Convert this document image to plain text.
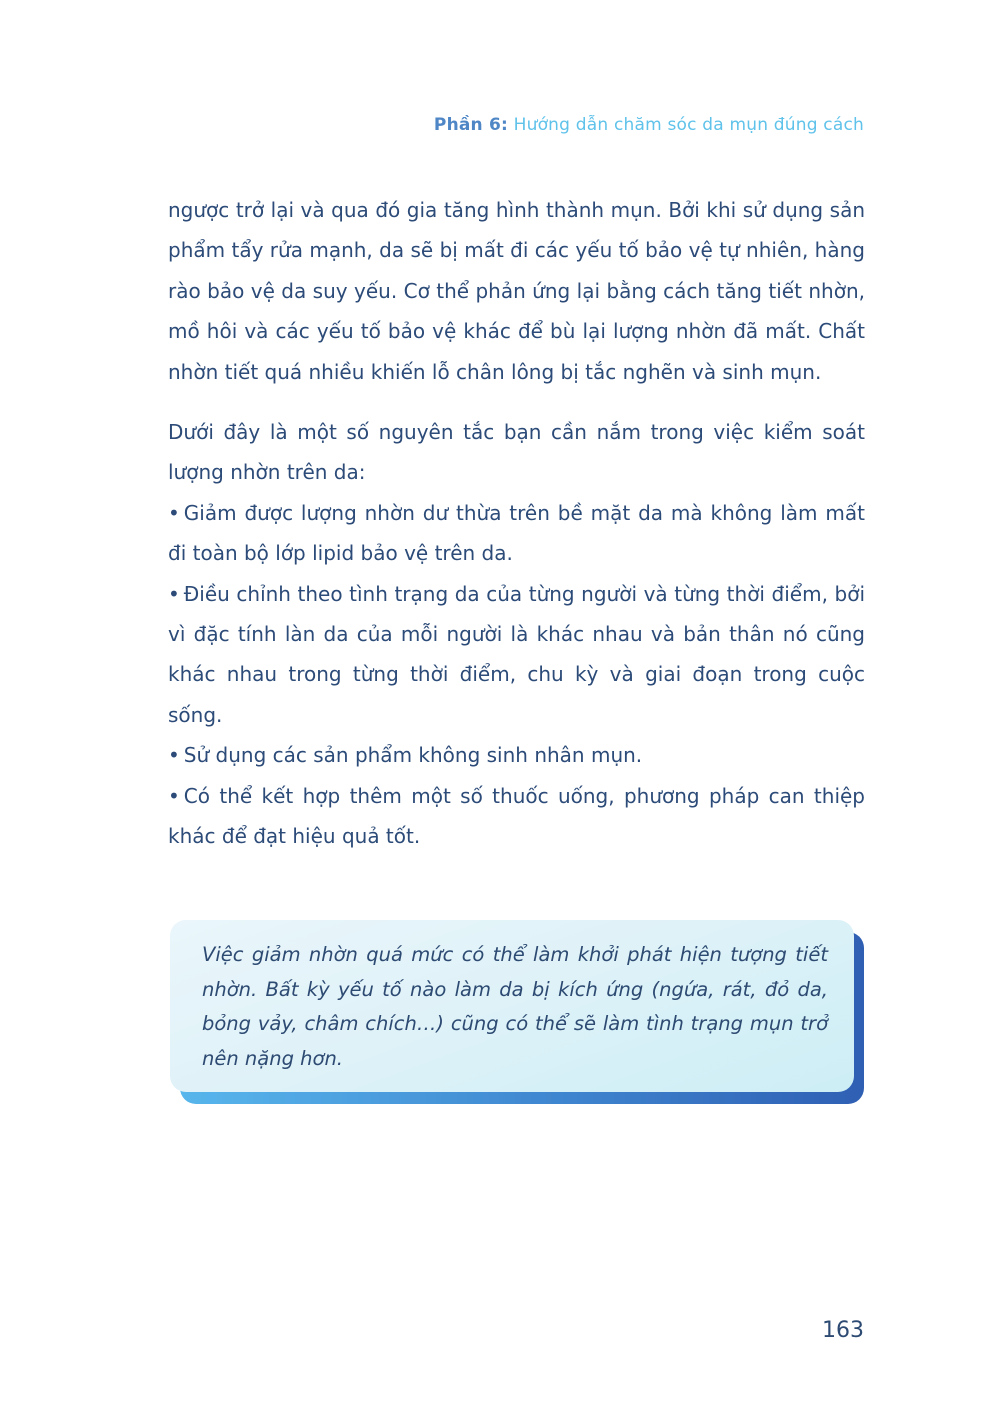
Phần 6: Hướng dẫn chăm sóc da mụn đúng cách

ngược trở lại và qua đó gia tăng hình thành mụn. Bởi khi sử dụng sản phẩm tẩy rửa mạnh, da sẽ bị mất đi các yếu tố bảo vệ tự nhiên, hàng rào bảo vệ da suy yếu. Cơ thể phản ứng lại bằng cách tăng tiết nhờn, mồ hôi và các yếu tố bảo vệ khác để bù lại lượng nhờn đã mất. Chất nhờn tiết quá nhiều khiến lỗ chân lông bị tắc nghẽn và sinh mụn.

Dưới đây là một số nguyên tắc bạn cần nắm trong việc kiểm soát lượng nhờn trên da:

• Giảm được lượng nhờn dư thừa trên bề mặt da mà không làm mất đi toàn bộ lớp lipid bảo vệ trên da.

• Điều chỉnh theo tình trạng da của từng người và từng thời điểm, bởi vì đặc tính làn da của mỗi người là khác nhau và bản thân nó cũng khác nhau trong từng thời điểm, chu kỳ và giai đoạn trong cuộc sống.

• Sử dụng các sản phẩm không sinh nhân mụn.

• Có thể kết hợp thêm một số thuốc uống, phương pháp can thiệp khác để đạt hiệu quả tốt.

Việc giảm nhờn quá mức có thể làm khởi phát hiện tượng tiết nhờn. Bất kỳ yếu tố nào làm da bị kích ứng (ngứa, rát, đỏ da, bỏng vảy, châm chích…) cũng có thể sẽ làm tình trạng mụn trở nên nặng hơn.

163
